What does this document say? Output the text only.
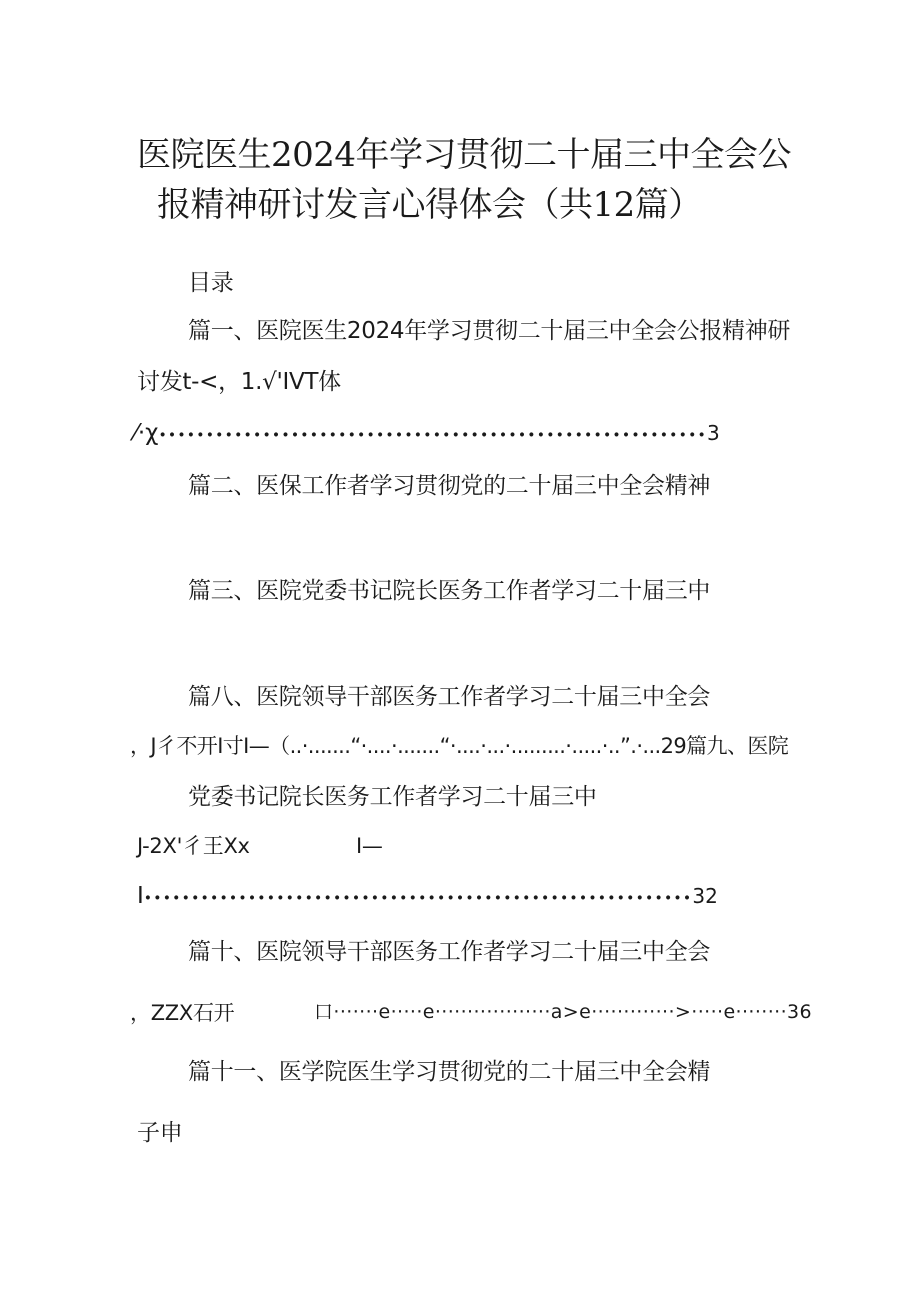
医院医生2024年学习贯彻二十届三中全会公
报精神研讨发言心得体会（共12篇）
目录
篇一、医院医生2024年学习贯彻二十届三中全会公报精神研
讨发t-<，1.√'IVT体
⁄·χ••••••••••••••••••••••••••••••••••••••••••••••••••••••••••3
篇二、医保工作者学习贯彻党的二十届三中全会精神
篇三、医院党委书记院长医务工作者学习二十届三中
篇八、医院领导干部医务工作者学习二十届三中全会
，J彳不开I寸I—（..·.......“·....·.......“·....·...·.........·.....·..”.·...29篇九、医院
党委书记院长医务工作者学习二十届三中
J-2X'彳王Xx	I—
I••••••••••••••••••••••••••••••••••••••••••••••••••••••••••32
篇十、医院领导干部医务工作者学习二十届三中全会
，ZZX石开	口·······e·····e··················a>e·············>·····e········36
篇十一、医学院医生学习贯彻党的二十届三中全会精
子申
